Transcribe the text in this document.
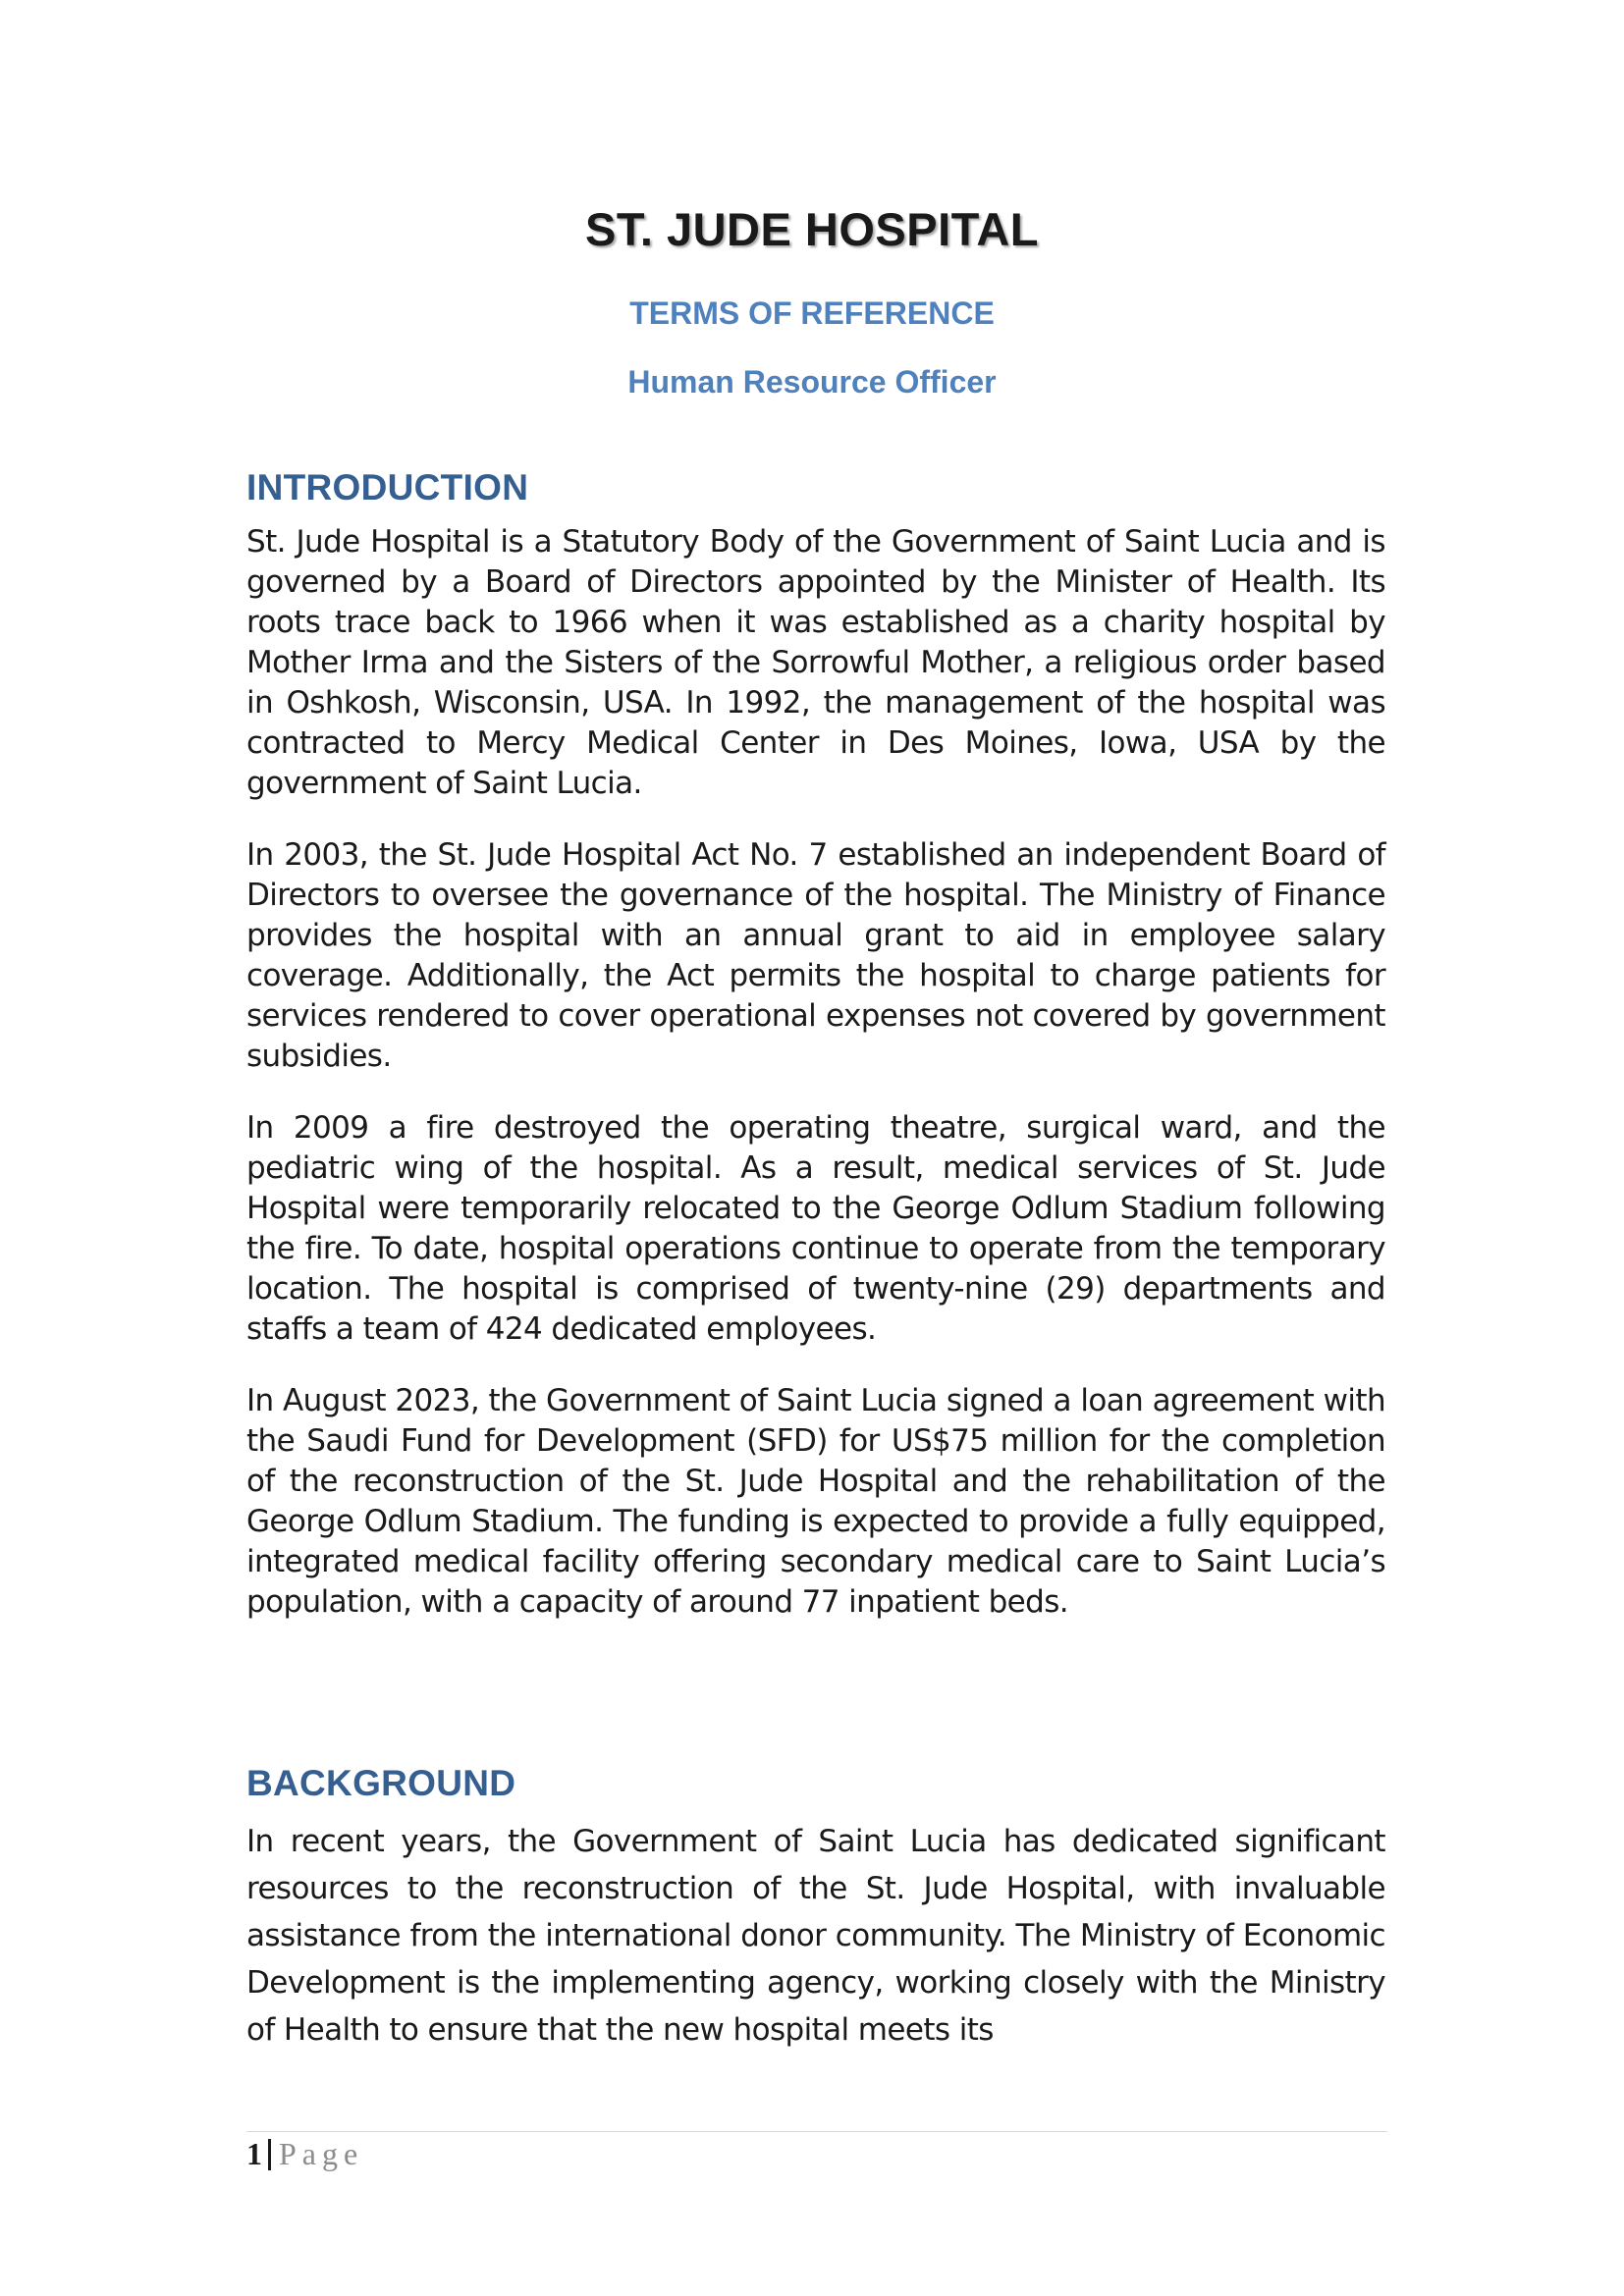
ST. JUDE HOSPITAL

TERMS OF REFERENCE

Human Resource Officer

INTRODUCTION

St. Jude Hospital is a Statutory Body of the Government of Saint Lucia and is governed by a Board of Directors appointed by the Minister of Health. Its roots trace back to 1966 when it was established as a charity hospital by Mother Irma and the Sisters of the Sorrowful Mother, a religious order based in Oshkosh, Wisconsin, USA. In 1992, the management of the hospital was contracted to Mercy Medical Center in Des Moines, Iowa, USA by the government of Saint Lucia.

In 2003, the St. Jude Hospital Act No. 7 established an independent Board of Directors to oversee the governance of the hospital. The Ministry of Finance provides the hospital with an annual grant to aid in employee salary coverage. Additionally, the Act permits the hospital to charge patients for services rendered to cover operational expenses not covered by government subsidies.

In 2009 a fire destroyed the operating theatre, surgical ward, and the pediatric wing of the hospital. As a result, medical services of St. Jude Hospital were temporarily relocated to the George Odlum Stadium following the fire. To date, hospital operations continue to operate from the temporary location. The hospital is comprised of twenty-nine (29) departments and staffs a team of 424 dedicated employees.

In August 2023, the Government of Saint Lucia signed a loan agreement with the Saudi Fund for Development (SFD) for US$75 million for the completion of the reconstruction of the St. Jude Hospital and the rehabilitation of the George Odlum Stadium. The funding is expected to provide a fully equipped, integrated medical facility offering secondary medical care to Saint Lucia’s population, with a capacity of around 77 inpatient beds.

BACKGROUND

In recent years, the Government of Saint Lucia has dedicated significant resources to the reconstruction of the St. Jude Hospital, with invaluable assistance from the international donor community. The Ministry of Economic Development is the implementing agency, working closely with the Ministry of Health to ensure that the new hospital meets its

1 Page
